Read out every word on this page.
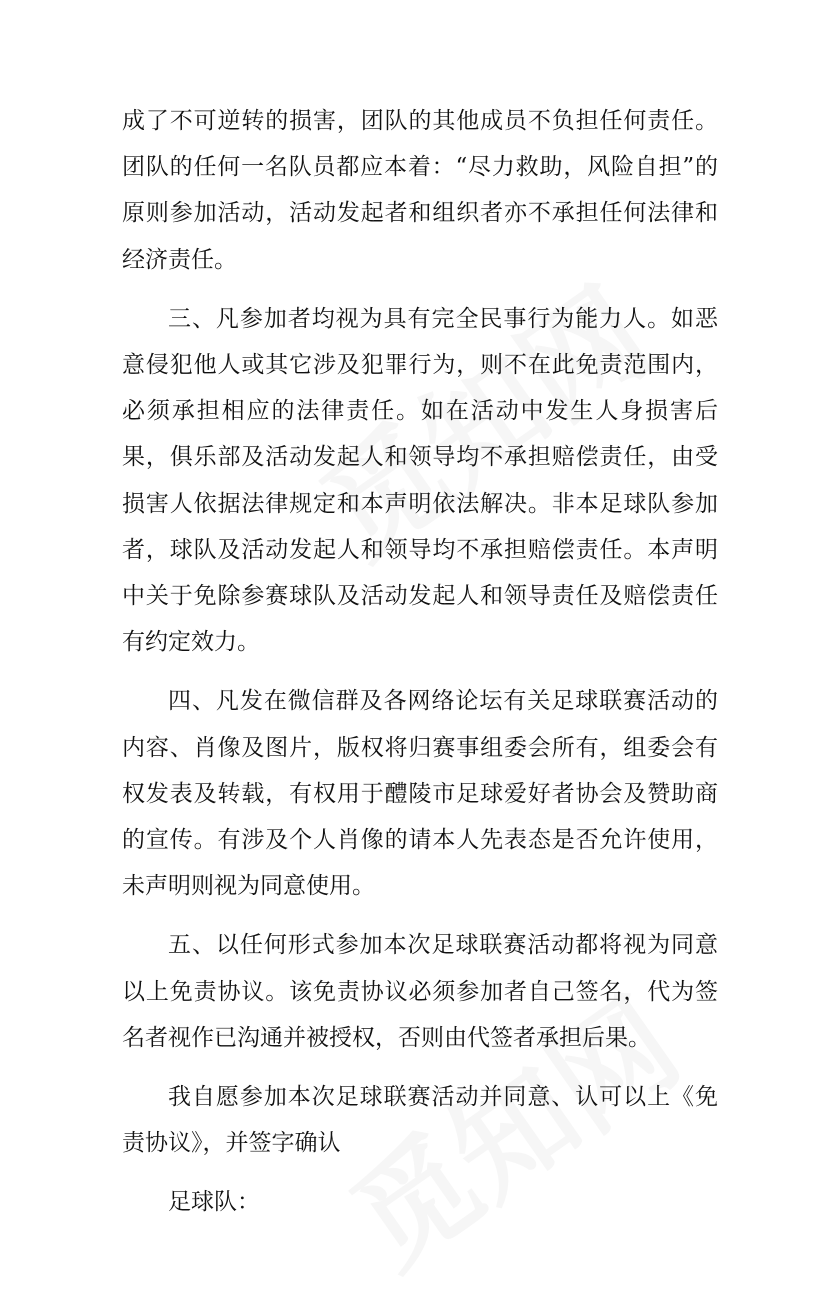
成了不可逆转的损害，团队的其他成员不负担任何责任。团队的任何一名队员都应本着：“尽力救助，风险自担”的原则参加活动，活动发起者和组织者亦不承担任何法律和经济责任。

三、凡参加者均视为具有完全民事行为能力人。如恶意侵犯他人或其它涉及犯罪行为，则不在此免责范围内，必须承担相应的法律责任。如在活动中发生人身损害后果，俱乐部及活动发起人和领导均不承担赔偿责任，由受损害人依据法律规定和本声明依法解决。非本足球队参加者，球队及活动发起人和领导均不承担赔偿责任。本声明中关于免除参赛球队及活动发起人和领导责任及赔偿责任有约定效力。

四、凡发在微信群及各网络论坛有关足球联赛活动的内容、肖像及图片，版权将归赛事组委会所有，组委会有权发表及转载，有权用于醴陵市足球爱好者协会及赞助商的宣传。有涉及个人肖像的请本人先表态是否允许使用，未声明则视为同意使用。

五、以任何形式参加本次足球联赛活动都将视为同意以上免责协议。该免责协议必须参加者自己签名，代为签名者视作已沟通并被授权，否则由代签者承担后果。

我自愿参加本次足球联赛活动并同意、认可以上《免责协议》，并签字确认

足球队：
